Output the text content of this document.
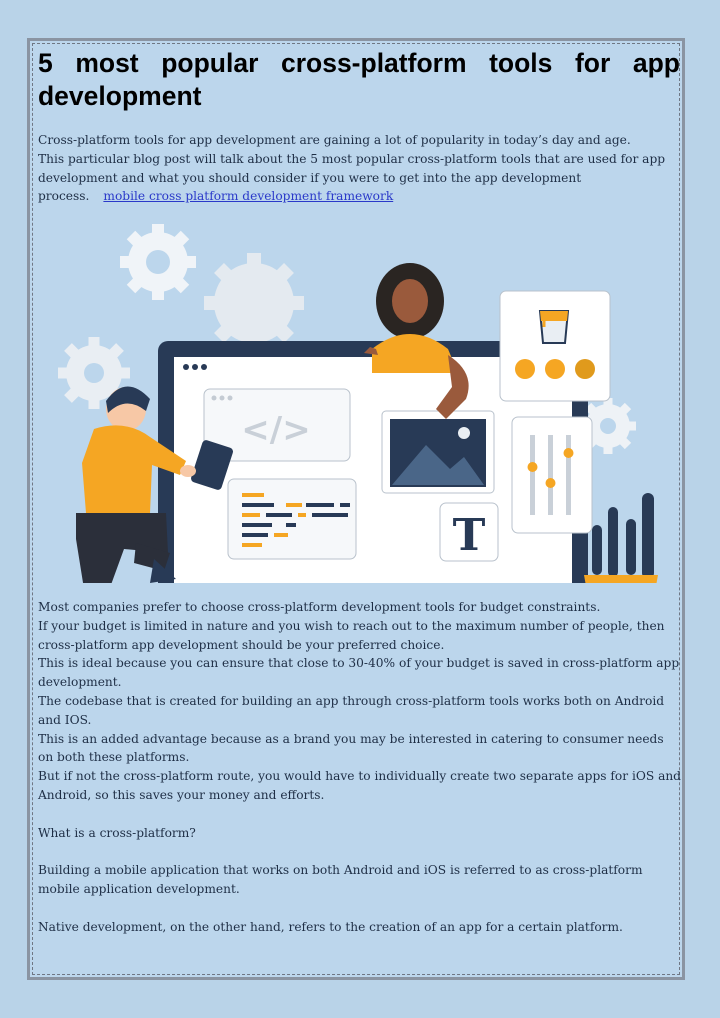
5 most popular cross-platform tools for app development

Cross-platform tools for app development are gaining a lot of popularity in today’s day and age.

This particular blog post will talk about the 5 most popular cross-platform tools that are used for app development and what you should consider if you were to get into the app development process. mobile cross platform development framework

</>
T

Most companies prefer to choose cross-platform development tools for budget constraints.

If your budget is limited in nature and you wish to reach out to the maximum number of people, then cross-platform app development should be your preferred choice.

This is ideal because you can ensure that close to 30-40% of your budget is saved in cross-platform app development.

The codebase that is created for building an app through cross-platform tools works both on Android and IOS.

This is an added advantage because as a brand you may be interested in catering to consumer needs on both these platforms.

But if not the cross-platform route, you would have to individually create two separate apps for iOS and Android, so this saves your money and efforts.

What is a cross-platform?

Building a mobile application that works on both Android and iOS is referred to as cross-platform mobile application development.

Native development, on the other hand, refers to the creation of an app for a certain platform.
